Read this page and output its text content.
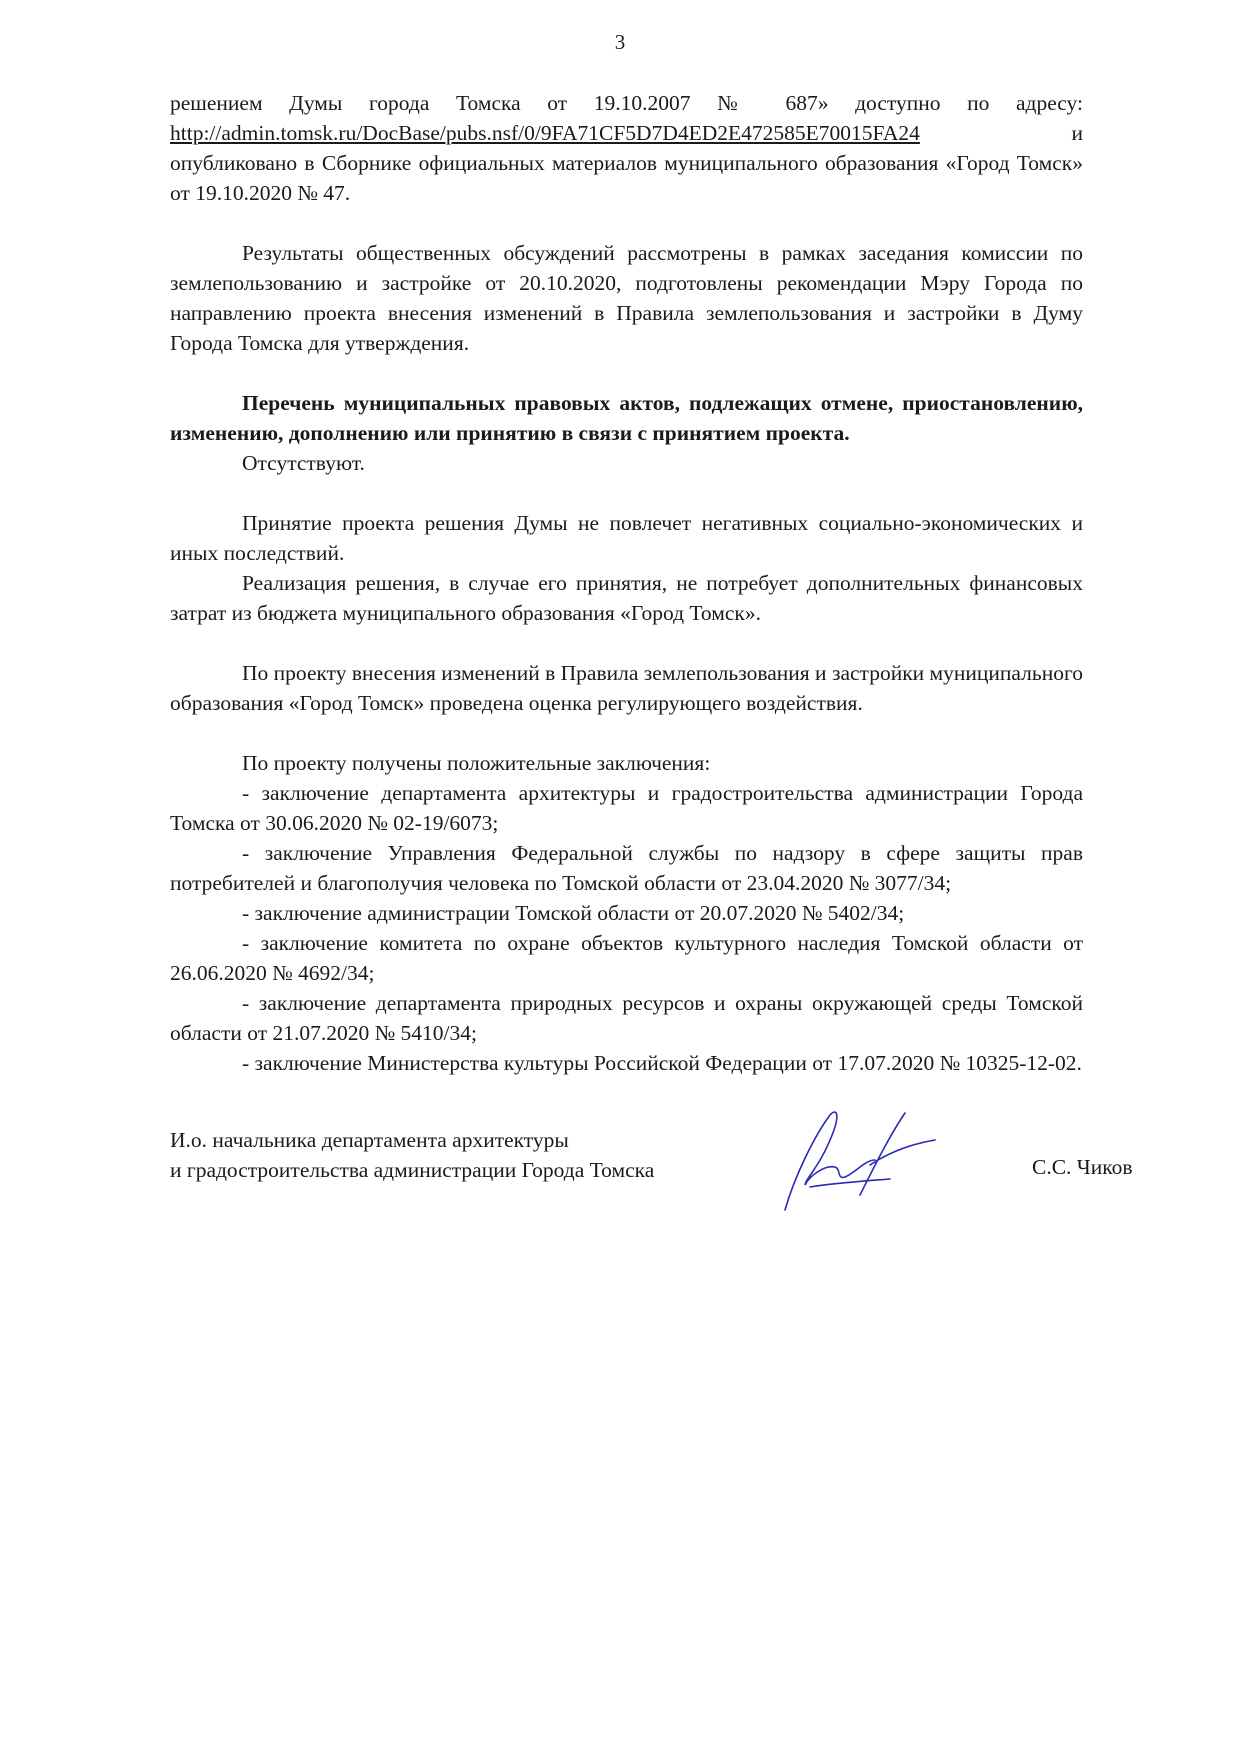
3

решением Думы города Томска от 19.10.2007 № 687» доступно по адресу:

http://admin.tomsk.ru/DocBase/pubs.nsf/0/9FA71CF5D7D4ED2E472585E70015FA24	и

опубликовано в Сборнике официальных материалов муниципального образования «Город Томск» от 19.10.2020 № 47.

Результаты общественных обсуждений рассмотрены в рамках заседания комиссии по землепользованию и застройке от 20.10.2020, подготовлены рекомендации Мэру Города по направлению проекта внесения изменений в Правила землепользования и застройки в Думу Города Томска для утверждения.

Перечень муниципальных правовых актов, подлежащих отмене, приостановлению, изменению, дополнению или принятию в связи с принятием проекта.

Отсутствуют.

Принятие проекта решения Думы не повлечет негативных социально-экономических и иных последствий.

Реализация решения, в случае его принятия, не потребует дополнительных финансовых затрат из бюджета муниципального образования «Город Томск».

По проекту внесения изменений в Правила землепользования и застройки муниципального образования «Город Томск» проведена оценка регулирующего воздействия.

По проекту получены положительные заключения:

- заключение департамента архитектуры и градостроительства администрации Города Томска от 30.06.2020 № 02-19/6073;

- заключение Управления Федеральной службы по надзору в сфере защиты прав потребителей и благополучия человека по Томской области от 23.04.2020 № 3077/34;

- заключение администрации Томской области от 20.07.2020 № 5402/34;

- заключение комитета по охране объектов культурного наследия Томской области от 26.06.2020 № 4692/34;

- заключение департамента природных ресурсов и охраны окружающей среды Томской области от 21.07.2020 № 5410/34;

- заключение Министерства культуры Российской Федерации от 17.07.2020 № 10325-12-02.

И.о. начальника департамента архитектуры
и градостроительства администрации Города Томска	С.С. Чиков
